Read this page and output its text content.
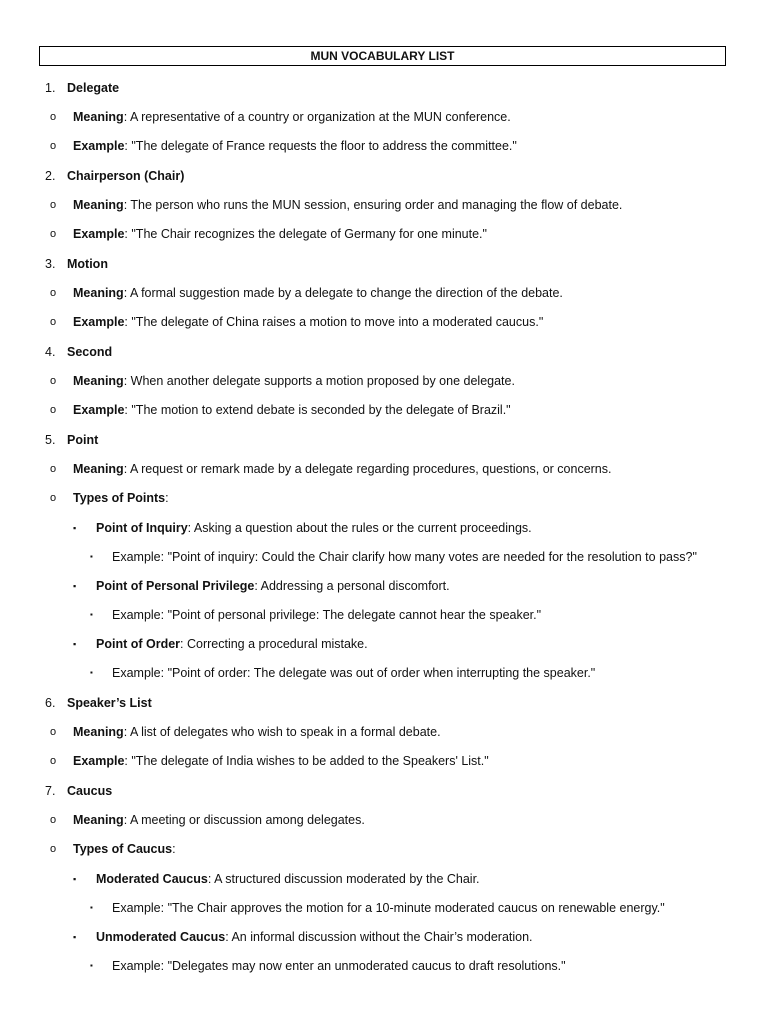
MUN VOCABULARY LIST
1. Delegate
o Meaning: A representative of a country or organization at the MUN conference.
o Example: "The delegate of France requests the floor to address the committee."
2. Chairperson (Chair)
o Meaning: The person who runs the MUN session, ensuring order and managing the flow of debate.
o Example: "The Chair recognizes the delegate of Germany for one minute."
3. Motion
o Meaning: A formal suggestion made by a delegate to change the direction of the debate.
o Example: "The delegate of China raises a motion to move into a moderated caucus."
4. Second
o Meaning: When another delegate supports a motion proposed by one delegate.
o Example: "The motion to extend debate is seconded by the delegate of Brazil."
5. Point
o Meaning: A request or remark made by a delegate regarding procedures, questions, or concerns.
o Types of Points:
▪ Point of Inquiry: Asking a question about the rules or the current proceedings.
▪ Example: "Point of inquiry: Could the Chair clarify how many votes are needed for the resolution to pass?"
▪ Point of Personal Privilege: Addressing a personal discomfort.
▪ Example: "Point of personal privilege: The delegate cannot hear the speaker."
▪ Point of Order: Correcting a procedural mistake.
▪ Example: "Point of order: The delegate was out of order when interrupting the speaker."
6. Speaker’s List
o Meaning: A list of delegates who wish to speak in a formal debate.
o Example: "The delegate of India wishes to be added to the Speakers' List."
7. Caucus
o Meaning: A meeting or discussion among delegates.
o Types of Caucus:
▪ Moderated Caucus: A structured discussion moderated by the Chair.
▪ Example: "The Chair approves the motion for a 10-minute moderated caucus on renewable energy."
▪ Unmoderated Caucus: An informal discussion without the Chair’s moderation.
▪ Example: "Delegates may now enter an unmoderated caucus to draft resolutions."
